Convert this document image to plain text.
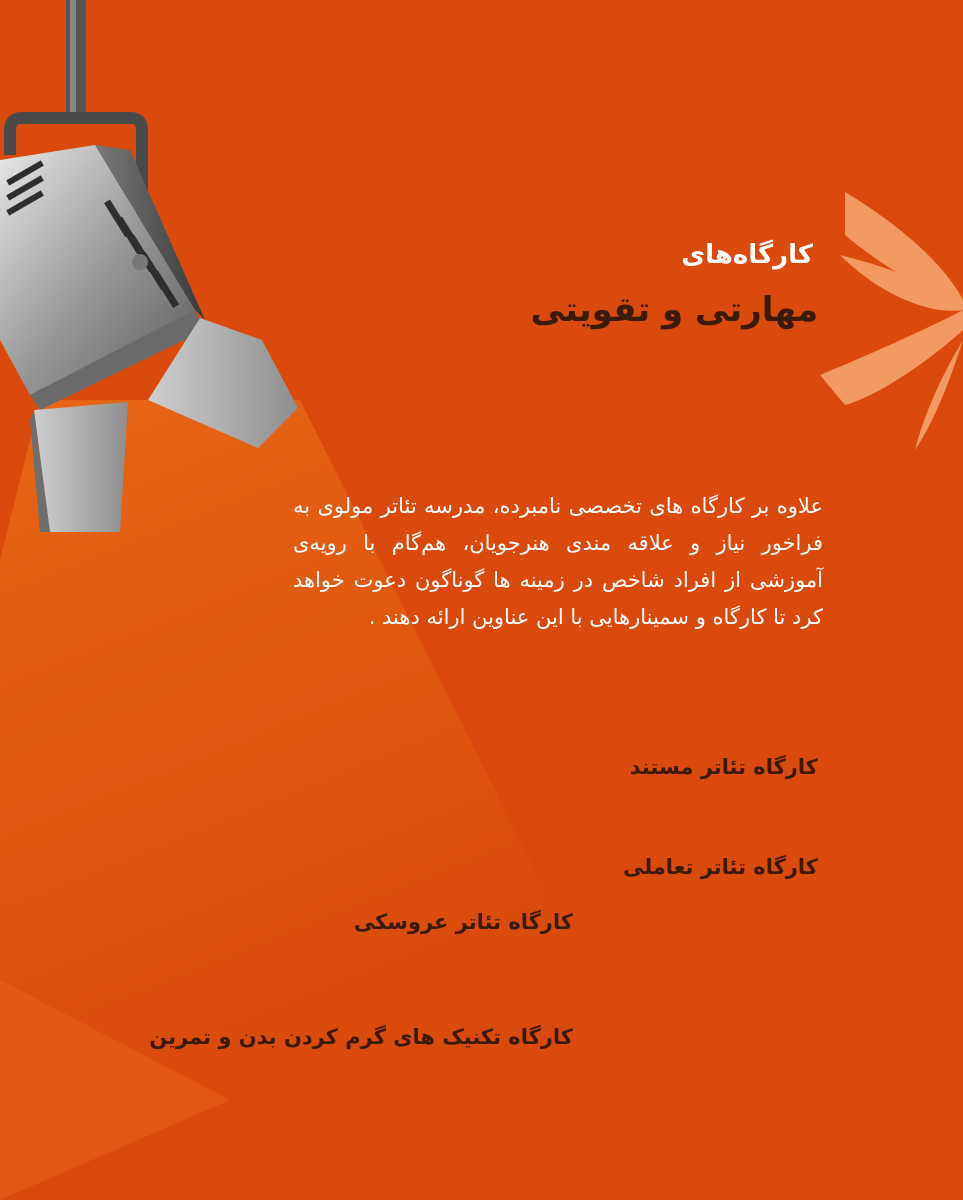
کارگاه‌های
مهارتی و تقویتی
علاوه بر کارگاه های تخصصی نامبرده، مدرسه تئاتر مولوی به فراخور نیاز و علاقه مندی هنرجویان، هم‌گام با رویه‌ی آموزشی از افراد شاخص در زمینه ها گوناگون دعوت خواهد کرد تا کارگاه و سمینارهایی با این عناوین ارائه دهند .
کارگاه تئاتر مستند
کارگاه تئاتر تعاملی
کارگاه تئاتر عروسکی
کارگاه تکنیک های گرم کردن بدن و تمرین
